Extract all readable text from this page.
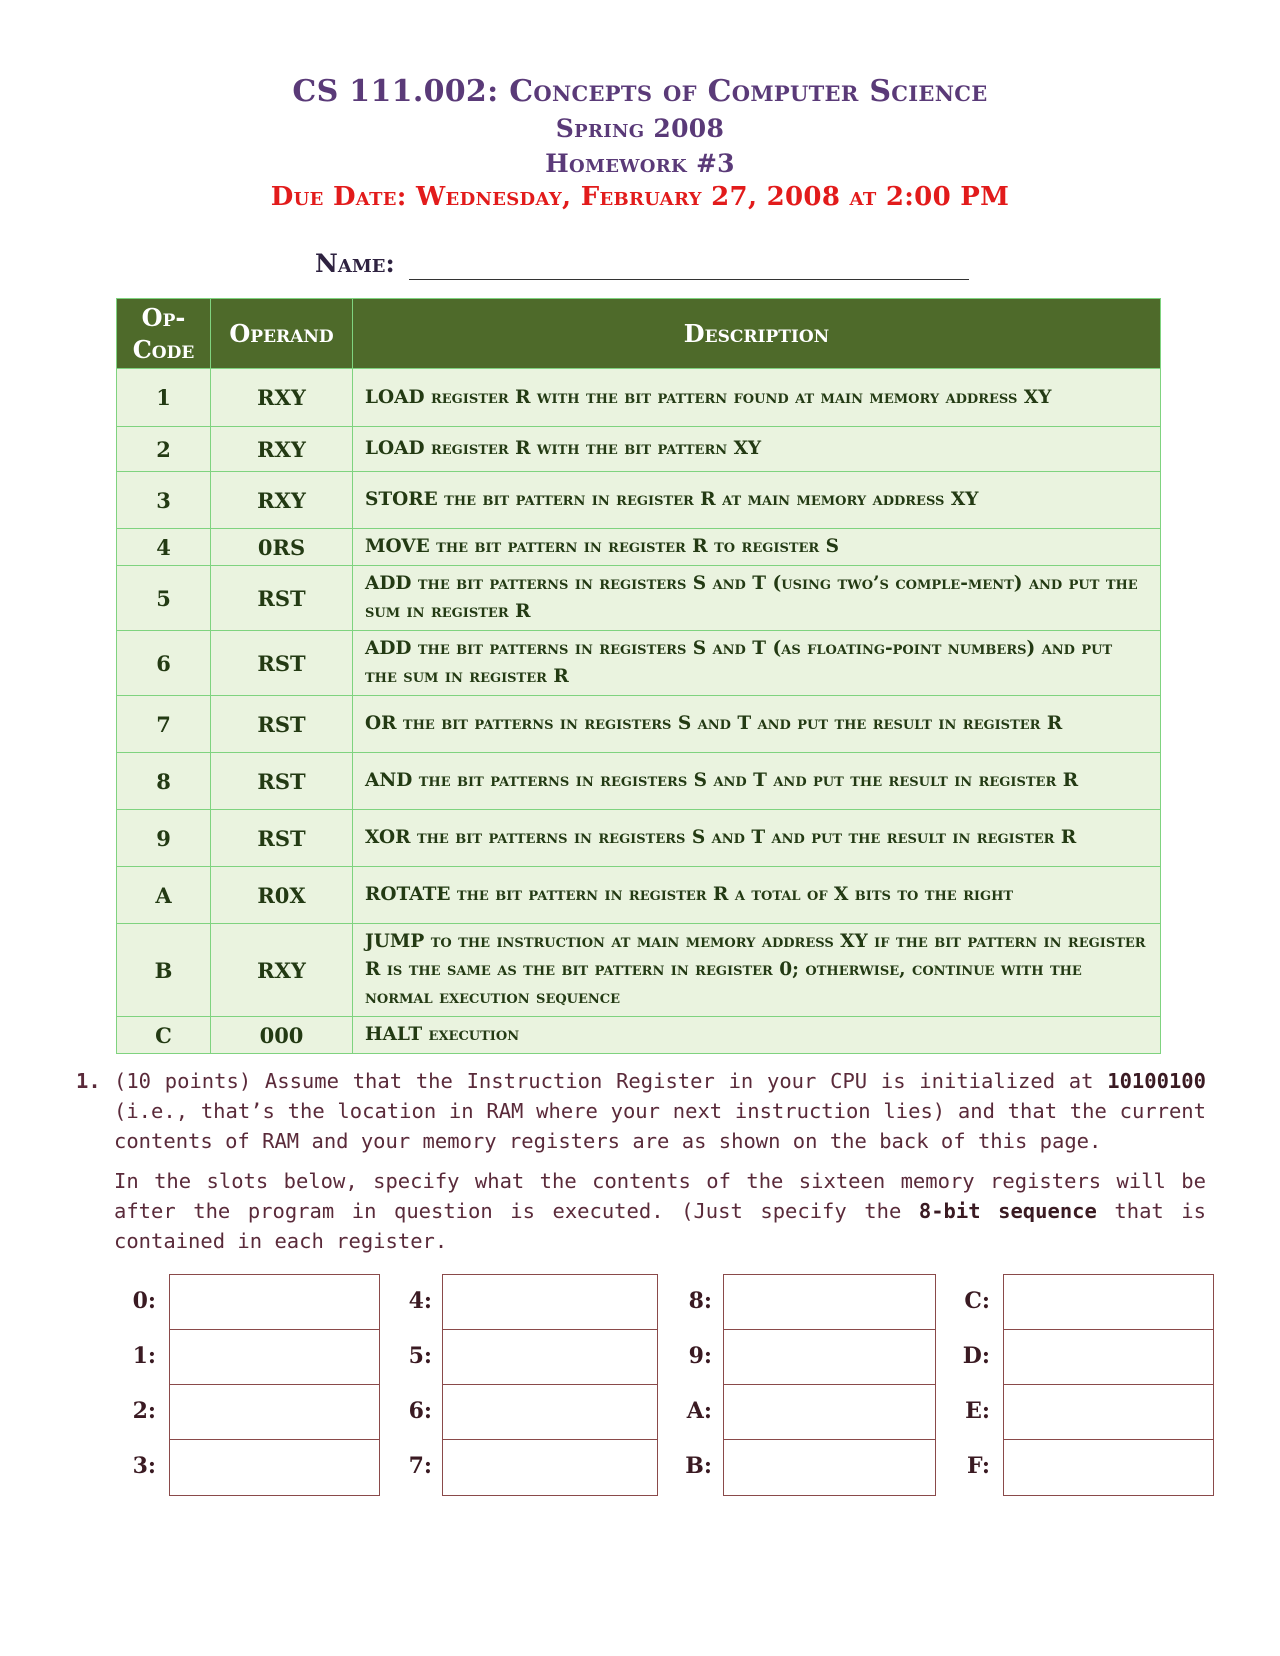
CS 111.002: Concepts of Computer Science
Spring 2008
Homework #3
Due Date: Wednesday, February 27, 2008 at 2:00 PM
Name:
Op-Code	Operand	Description
1	RXY	LOAD register R with the bit pattern found at main memory address XY
2	RXY	LOAD register R with the bit pattern XY
3	RXY	STORE the bit pattern in register R at main memory address XY
4	0RS	MOVE the bit pattern in register R to register S
5	RST	ADD the bit patterns in registers S and T (using two’s comple-ment) and put the sum in register R
6	RST	ADD the bit patterns in registers S and T (as floating-point numbers) and put the sum in register R
7	RST	OR the bit patterns in registers S and T and put the result in register R
8	RST	AND the bit patterns in registers S and T and put the result in register R
9	RST	XOR the bit patterns in registers S and T and put the result in register R
A	R0X	ROTATE the bit pattern in register R a total of X bits to the right
B	RXY	JUMP to the instruction at main memory address XY if the bit pattern in register R is the same as the bit pattern in register 0; otherwise, continue with the normal execution sequence
C	000	HALT execution
1. (10 points) Assume that the Instruction Register in your CPU is initialized at 10100100 (i.e., that’s the location in RAM where your next instruction lies) and that the current contents of RAM and your memory registers are as shown on the back of this page.
In the slots below, specify what the contents of the sixteen memory registers will be after the program in question is executed. (Just specify the 8-bit sequence that is contained in each register.
0:
1:
2:
3:
4:
5:
6:
7:
8:
9:
A:
B:
C:
D:
E:
F:
